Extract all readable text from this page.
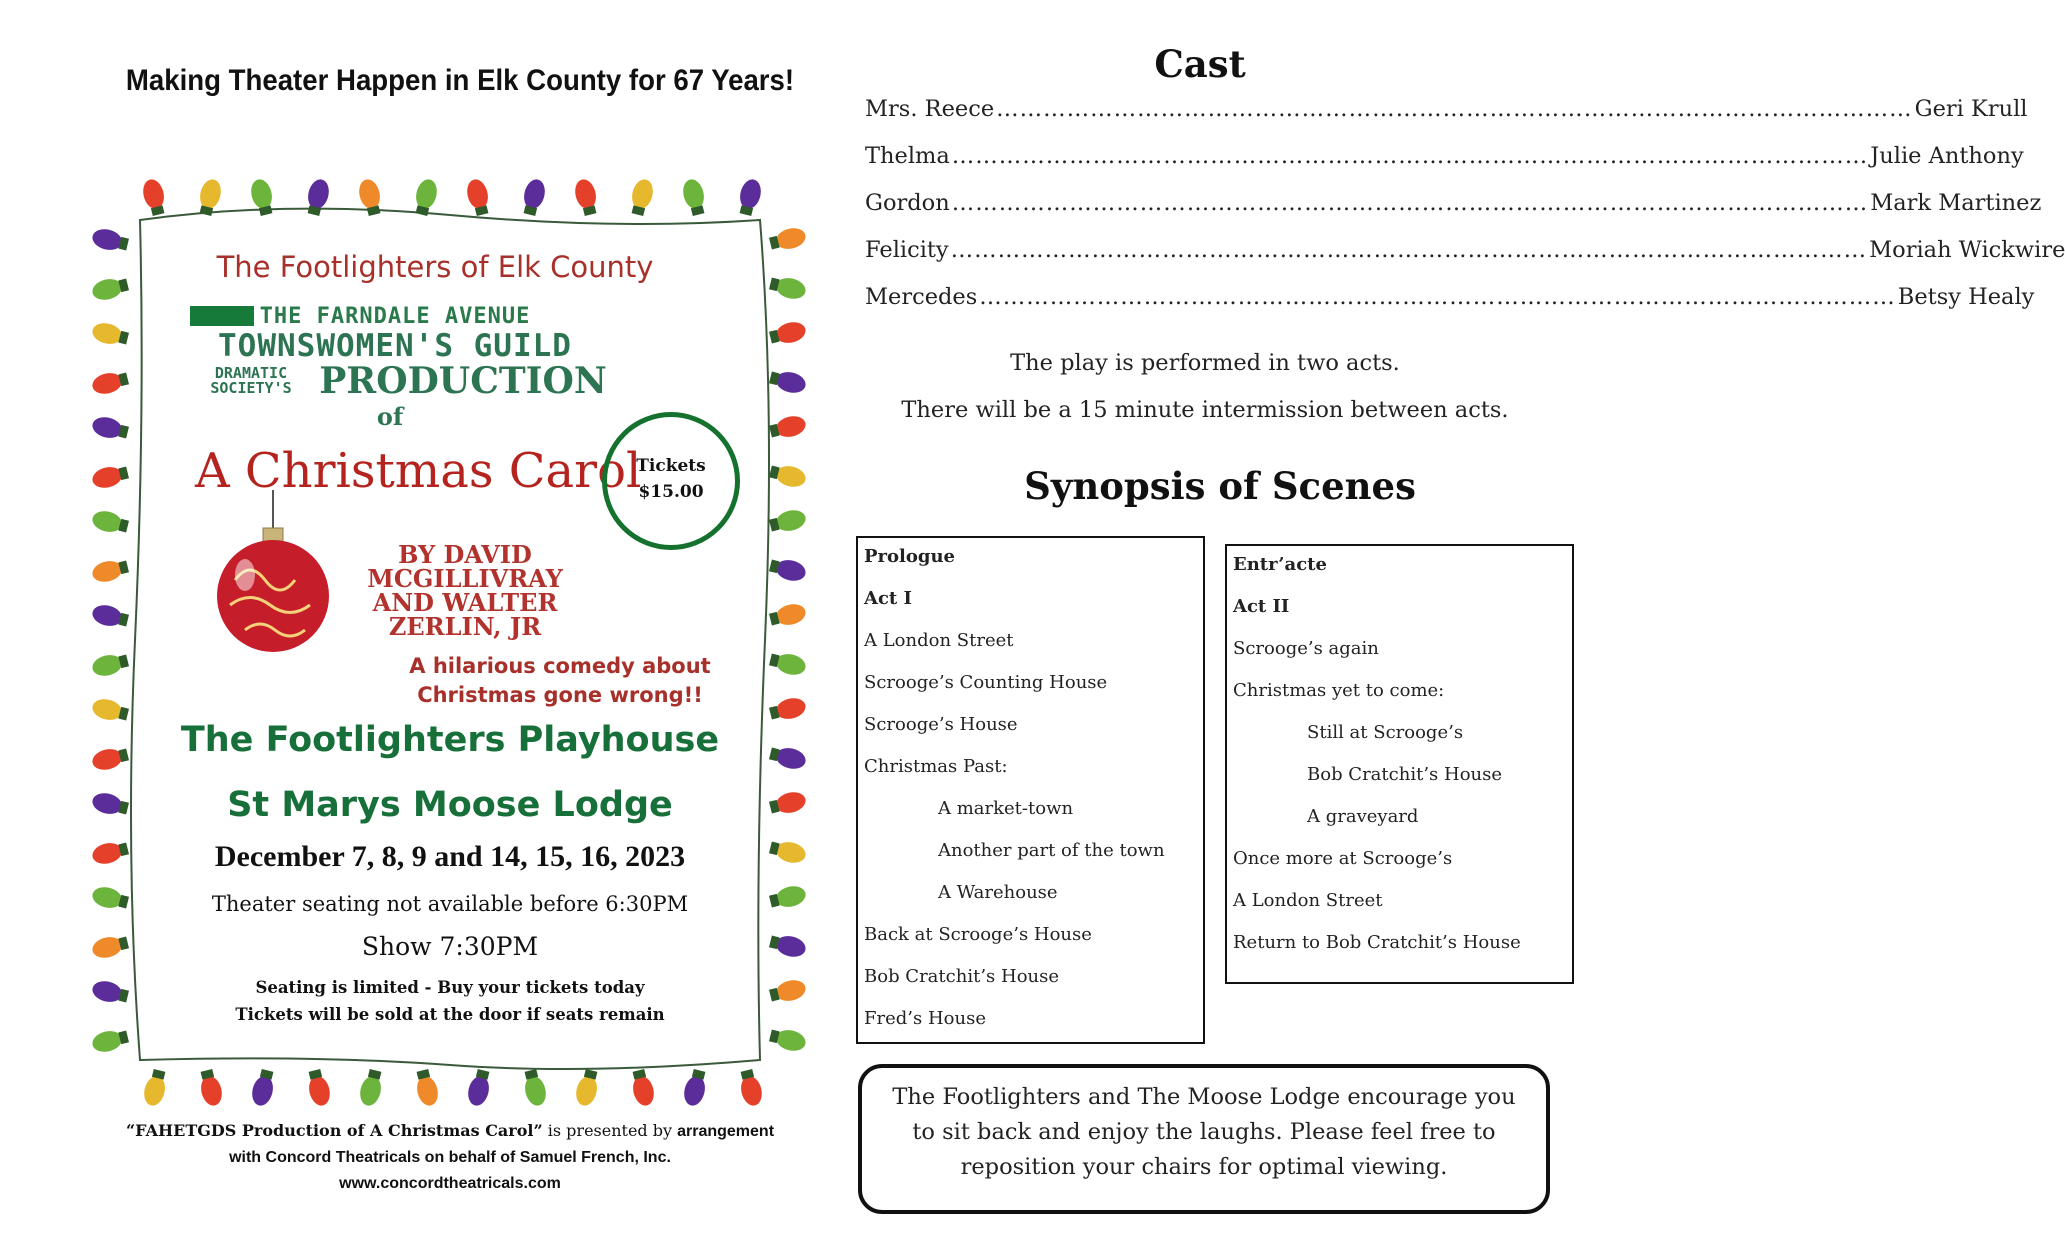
Making Theater Happen in Elk County for 67 Years!
The Footlighters of Elk County
THE FARNDALE AVENUE
TOWNSWOMEN'S GUILD
DRAMATIC
SOCIETY'S PRODUCTION
of
A Christmas Carol
Tickets
$15.00
BY DAVID
MCGILLIVRAY
AND WALTER
ZERLIN, JR
A hilarious comedy about
Christmas gone wrong!!
The Footlighters Playhouse
St Marys Moose Lodge
December 7, 8, 9 and 14, 15, 16, 2023
Theater seating not available before 6:30PM
Show 7:30PM
Seating is limited - Buy your tickets today
Tickets will be sold at the door if seats remain
“FAHETGDS Production of A Christmas Carol” is presented by arrangement
with Concord Theatricals on behalf of Samuel French, Inc.
www.concordtheatricals.com
Cast
Mrs. Reece ……………………………………………………………………………………………………… Geri Krull
Thelma ……………………………………………………………………………………………………… Julie Anthony
Gordon ……………………………………………………………………………………………………… Mark Martinez
Felicity ……………………………………………………………………………………………………… Moriah Wickwire
Mercedes ……………………………………………………………………………………………………… Betsy Healy
The play is performed in two acts.
There will be a 15 minute intermission between acts.
Synopsis of Scenes
Prologue
Act I
A London Street
Scrooge’s Counting House
Scrooge’s House
Christmas Past:
A market-town
Another part of the town
A Warehouse
Back at Scrooge’s House
Bob Cratchit’s House
Fred’s House
Entr’acte
Act II
Scrooge’s again
Christmas yet to come:
Still at Scrooge’s
Bob Cratchit’s House
A graveyard
Once more at Scrooge’s
A London Street
Return to Bob Cratchit’s House
The Footlighters and The Moose Lodge encourage you to sit back and enjoy the laughs. Please feel free to reposition your chairs for optimal viewing.
